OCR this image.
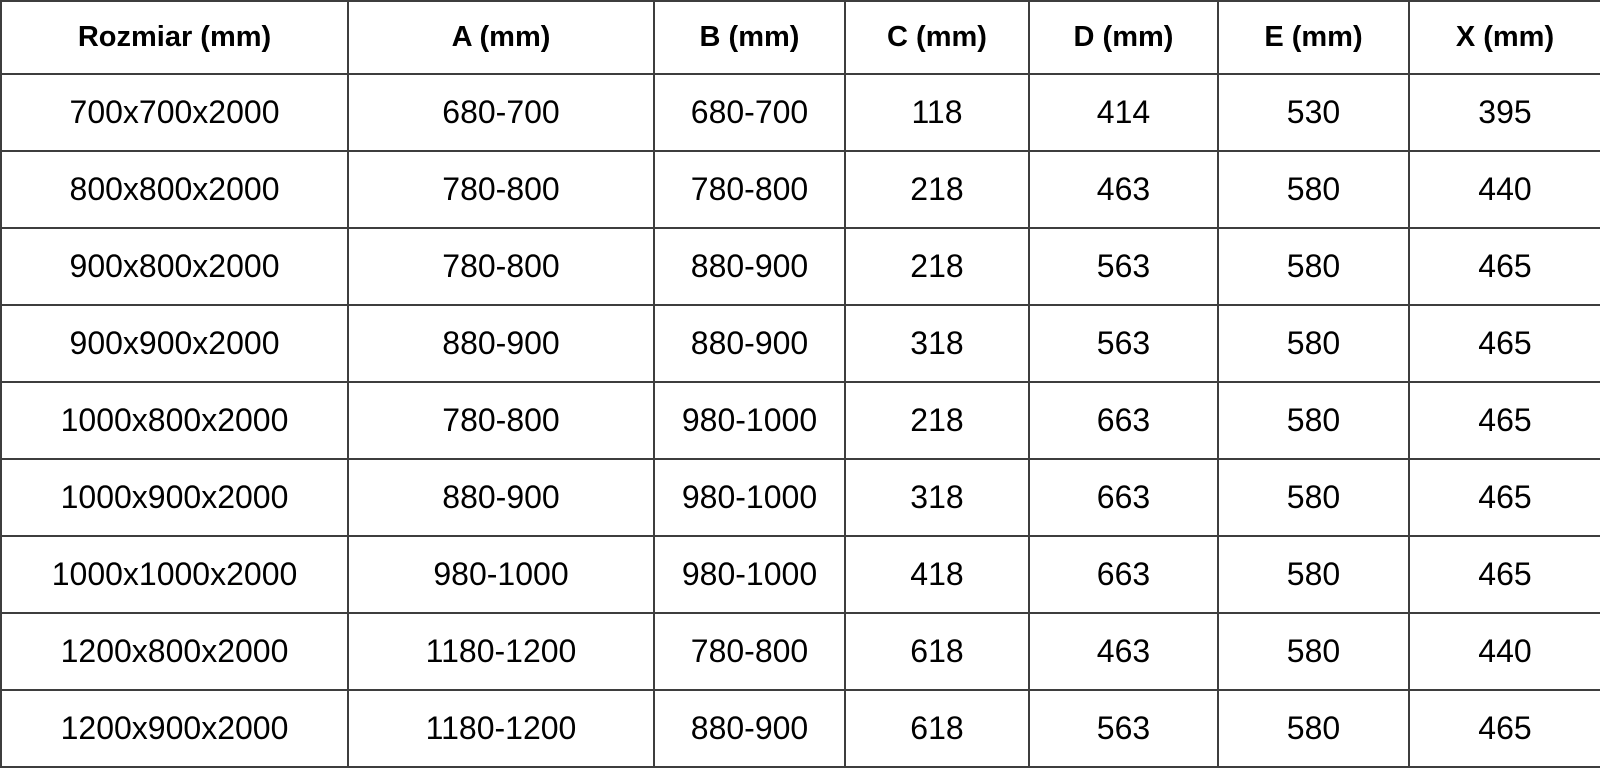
Rozmiar (mm)	A (mm)	B (mm)	C (mm)	D (mm)	E (mm)	X (mm)
700x700x2000	680-700	680-700	118	414	530	395
800x800x2000	780-800	780-800	218	463	580	440
900x800x2000	780-800	880-900	218	563	580	465
900x900x2000	880-900	880-900	318	563	580	465
1000x800x2000	780-800	980-1000	218	663	580	465
1000x900x2000	880-900	980-1000	318	663	580	465
1000x1000x2000	980-1000	980-1000	418	663	580	465
1200x800x2000	1180-1200	780-800	618	463	580	440
1200x900x2000	1180-1200	880-900	618	563	580	465
